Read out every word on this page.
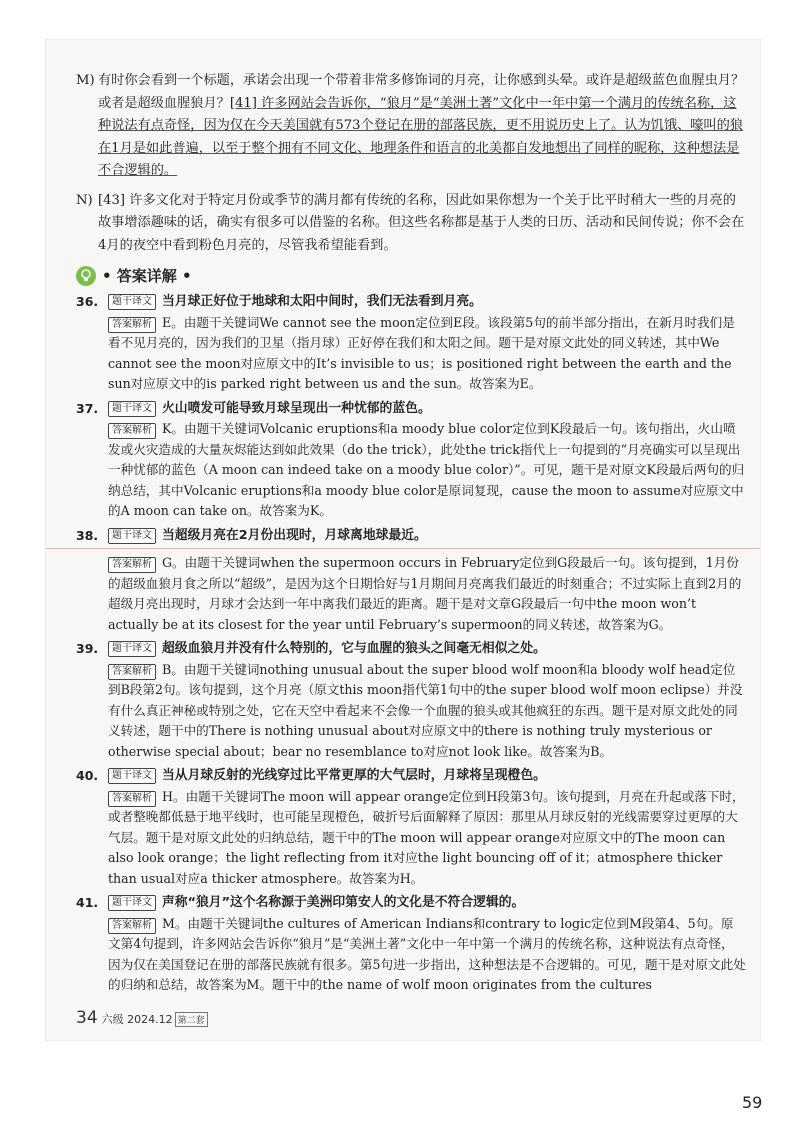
M) 有时你会看到一个标题，承诺会出现一个带着非常多修饰词的月亮，让你感到头晕。或许是超级蓝色血腥虫月？或者是超级血腥狼月？[41] 许多网站会告诉你，“狼月”是“美洲土著”文化中一年中第一个满月的传统名称，这种说法有点奇怪，因为仅在今天美国就有573个登记在册的部落民族，更不用说历史上了。认为饥饿、嚎叫的狼在1月是如此普遍，以至于整个拥有不同文化、地理条件和语言的北美都自发地想出了同样的昵称，这种想法是不合逻辑的。
N) [43] 许多文化对于特定月份或季节的满月都有传统的名称，因此如果你想为一个关于比平时稍大一些的月亮的故事增添趣味的话，确实有很多可以借鉴的名称。但这些名称都是基于人类的日历、活动和民间传说；你不会在4月的夜空中看到粉色月亮的，尽管我希望能看到。
• 答案详解 •
36.	题干译文 当月球正好位于地球和太阳中间时，我们无法看到月亮。
答案解析 E。由题干关键词We cannot see the moon定位到E段。该段第5句的前半部分指出，在新月时我们是看不见月亮的，因为我们的卫星（指月球）正好停在我们和太阳之间。题干是对原文此处的同义转述，其中We cannot see the moon对应原文中的It’s invisible to us；is positioned right between the earth and the sun对应原文中的is parked right between us and the sun。故答案为E。
37.	题干译文 火山喷发可能导致月球呈现出一种忧郁的蓝色。
答案解析 K。由题干关键词Volcanic eruptions和a moody blue color定位到K段最后一句。该句指出，火山喷发或火灾造成的大量灰烬能达到如此效果（do the trick），此处the trick指代上一句提到的“月亮确实可以呈现出一种忧郁的蓝色（A moon can indeed take on a moody blue color）”。可见，题干是对原文K段最后两句的归纳总结，其中Volcanic eruptions和a moody blue color是原词复现，cause the moon to assume对应原文中的A moon can take on。故答案为K。
38.	题干译文 当超级月亮在2月份出现时，月球离地球最近。
答案解析 G。由题干关键词when the supermoon occurs in February定位到G段最后一句。该句提到，1月份的超级血狼月食之所以“超级”，是因为这个日期恰好与1月期间月亮离我们最近的时刻重合；不过实际上直到2月的超级月亮出现时，月球才会达到一年中离我们最近的距离。题干是对文章G段最后一句中the moon won’t actually be at its closest for the year until February’s supermoon的同义转述，故答案为G。
39.	题干译文 超级血狼月并没有什么特别的，它与血腥的狼头之间毫无相似之处。
答案解析 B。由题干关键词nothing unusual about the super blood wolf moon和a bloody wolf head定位到B段第2句。该句提到，这个月亮（原文this moon指代第1句中的the super blood wolf moon eclipse）并没有什么真正神秘或特别之处，它在天空中看起来不会像一个血腥的狼头或其他疯狂的东西。题干是对原文此处的同义转述，题干中的There is nothing unusual about对应原文中的there is nothing truly mysterious or otherwise special about；bear no resemblance to对应not look like。故答案为B。
40.	题干译文 当从月球反射的光线穿过比平常更厚的大气层时，月球将呈现橙色。
答案解析 H。由题干关键词The moon will appear orange定位到H段第3句。该句提到，月亮在升起或落下时，或者整晚都低悬于地平线时，也可能呈现橙色，破折号后面解释了原因：那里从月球反射的光线需要穿过更厚的大气层。题干是对原文此处的归纳总结，题干中的The moon will appear orange对应原文中的The moon can also look orange；the light reflecting from it对应the light bouncing off of it；atmosphere thicker than usual对应a thicker atmosphere。故答案为H。
41.	题干译文 声称“狼月”这个名称源于美洲印第安人的文化是不符合逻辑的。
答案解析 M。由题干关键词the cultures of American Indians和contrary to logic定位到M段第4、5句。原文第4句提到，许多网站会告诉你“狼月”是“美洲土著”文化中一年中第一个满月的传统名称，这种说法有点奇怪，因为仅在美国登记在册的部落民族就有很多。第5句进一步指出，这种想法是不合逻辑的。可见，题干是对原文此处的归纳和总结，故答案为M。题干中的the name of wolf moon originates from the cultures
34 六级 2024.12 第二套
59
